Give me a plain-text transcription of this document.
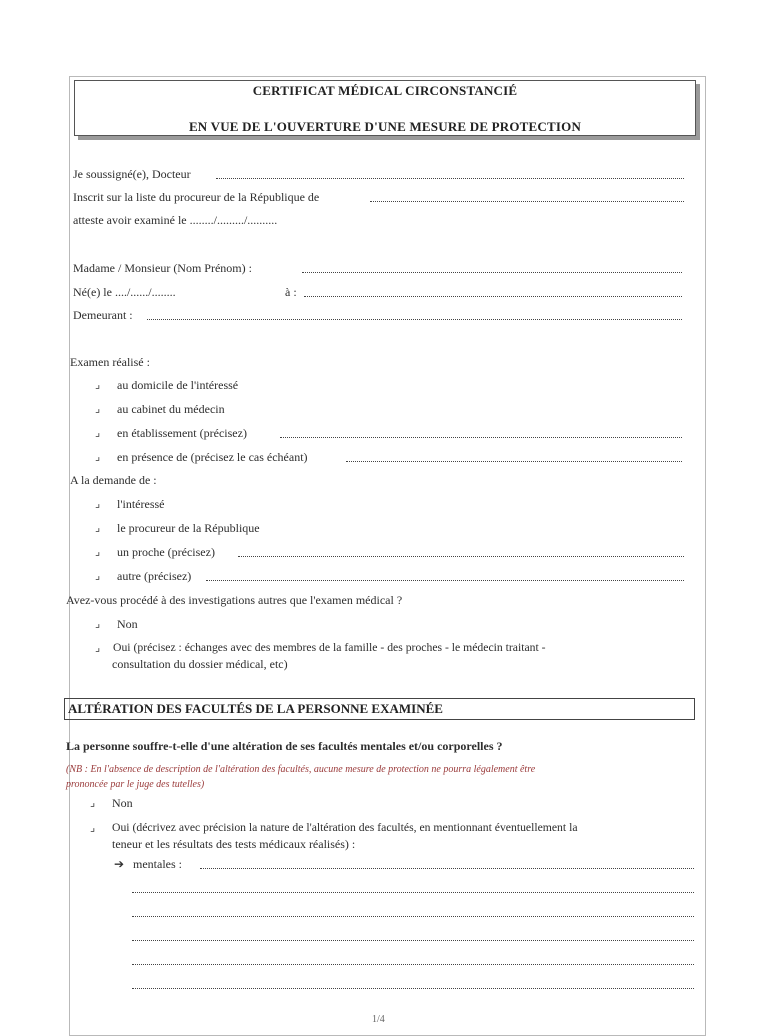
CERTIFICAT MÉDICAL CIRCONSTANCIÉ
EN VUE DE L'OUVERTURE D'UNE MESURE DE PROTECTION
Je soussigné(e), Docteur
Inscrit sur la liste du procureur de la République de
atteste avoir examiné le ......../........./..........
Madame / Monsieur (Nom Prénom) :
Né(e) le ..../....../........	à :
Demeurant :
Examen réalisé :
⌟ au domicile de l'intéressé
⌟ au cabinet du médecin
⌟ en établissement (précisez)
⌟ en présence de (précisez le cas échéant)
A la demande de :
⌟ l'intéressé
⌟ le procureur de la République
⌟ un proche (précisez)
⌟ autre (précisez)
Avez-vous procédé à des investigations autres que l'examen médical ?
⌟ Non
⌟ Oui (précisez : échanges avec des membres de la famille - des proches - le médecin traitant -
consultation du dossier médical, etc)
ALTÉRATION DES FACULTÉS DE LA PERSONNE EXAMINÉE
La personne souffre-t-elle d'une altération de ses facultés mentales et/ou corporelles ?
(NB : En l'absence de description de l'altération des facultés, aucune mesure de protection ne pourra légalement être
prononcée par le juge des tutelles)
⌟ Non
⌟ Oui (décrivez avec précision la nature de l'altération des facultés, en mentionnant éventuellement la
teneur et les résultats des tests médicaux réalisés) :
➔ mentales :
1/4
